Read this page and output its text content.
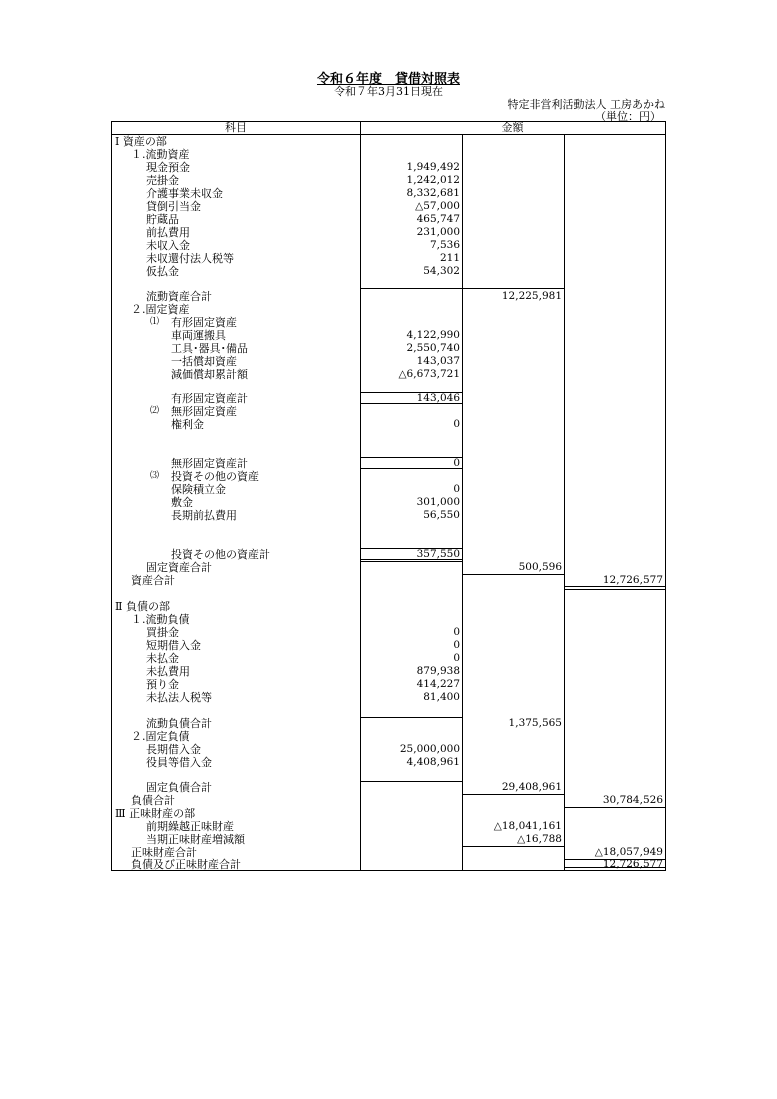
令和６年度　貸借対照表
令和７年3月31日現在
特定非営利活動法人 工房あかね
（単位：円）
科目	金額
Ⅰ 資産の部
１.流動資産
現金預金	1,949,492
売掛金	1,242,012
介護事業未収金	8,332,681
貸倒引当金	△57,000
貯蔵品	465,747
前払費用	231,000
未収入金	7,536
未収還付法人税等	211
仮払金	54,302
流動資産合計	12,225,981
２.固定資産
⑴ 有形固定資産
車両運搬具	4,122,990
工具･器具･備品	2,550,740
一括償却資産	143,037
減価償却累計額	△6,673,721
有形固定資産計	143,046
⑵ 無形固定資産
権利金	0
無形固定資産計	0
⑶ 投資その他の資産
保険積立金	0
敷金	301,000
長期前払費用	56,550
投資その他の資産計	357,550
固定資産合計	500,596
資産合計	12,726,577
Ⅱ 負債の部
１.流動負債
買掛金	0
短期借入金	0
未払金	0
未払費用	879,938
預り金	414,227
未払法人税等	81,400
流動負債合計	1,375,565
２.固定負債
長期借入金	25,000,000
役員等借入金	4,408,961
固定負債合計	29,408,961
負債合計	30,784,526
Ⅲ 正味財産の部
前期繰越正味財産	△18,041,161
当期正味財産増減額	△16,788
正味財産合計	△18,057,949
負債及び正味財産合計	12,726,577
